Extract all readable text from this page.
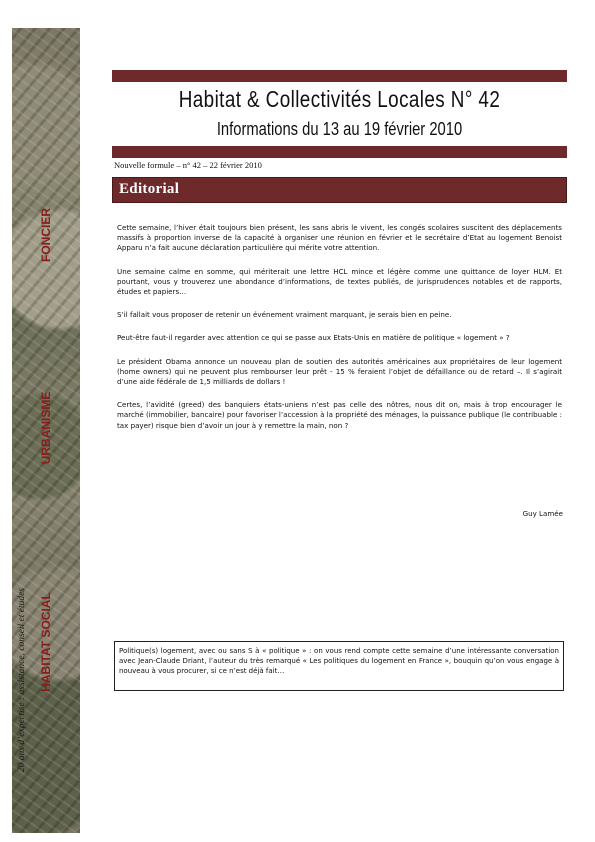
FONCIER
URBANISME
HABITAT SOCIAL
20 ans d’expertise : assistance, conseil et études
Habitat & Collectivités Locales N° 42
Informations du 13 au 19 février 2010
Nouvelle formule – n° 42 – 22 février 2010
Editorial

Cette semaine, l’hiver était toujours bien présent, les sans abris le vivent, les congés scolaires suscitent des déplacements massifs à proportion inverse de la capacité à organiser une réunion en février et le secrétaire d’Etat au logement Benoist Apparu n’a fait aucune déclaration particulière qui mérite votre attention.

Une semaine calme en somme, qui mériterait une lettre HCL mince et légère comme une quittance de loyer HLM. Et pourtant, vous y trouverez une abondance d’informations, de textes publiés, de jurisprudences notables et de rapports, études et papiers…

S’il fallait vous proposer de retenir un événement vraiment marquant, je serais bien en peine.

Peut-être faut-il regarder avec attention ce qui se passe aux Etats-Unis en matière de politique « logement » ?

Le président Obama annonce un nouveau plan de soutien des autorités américaines aux propriétaires de leur logement (home owners) qui ne peuvent plus rembourser leur prêt - 15 % feraient l’objet de défaillance ou de retard –. Il s’agirait d’une aide fédérale de 1,5 milliards de dollars !

Certes, l’avidité (greed) des banquiers états-uniens n’est pas celle des nôtres, nous dit on, mais à trop encourager le marché (immobilier, bancaire) pour favoriser l’accession à la propriété des ménages, la puissance publique (le contribuable : tax payer) risque bien d’avoir un jour à y remettre la main, non ?

Guy Lamée
Politique(s) logement, avec ou sans S à « politique » : on vous rend compte cette semaine d’une intéressante conversation avec Jean-Claude Driant, l’auteur du très remarqué « Les politiques du logement en France », bouquin qu’on vous engage à nouveau à vous procurer, si ce n’est déjà fait…
